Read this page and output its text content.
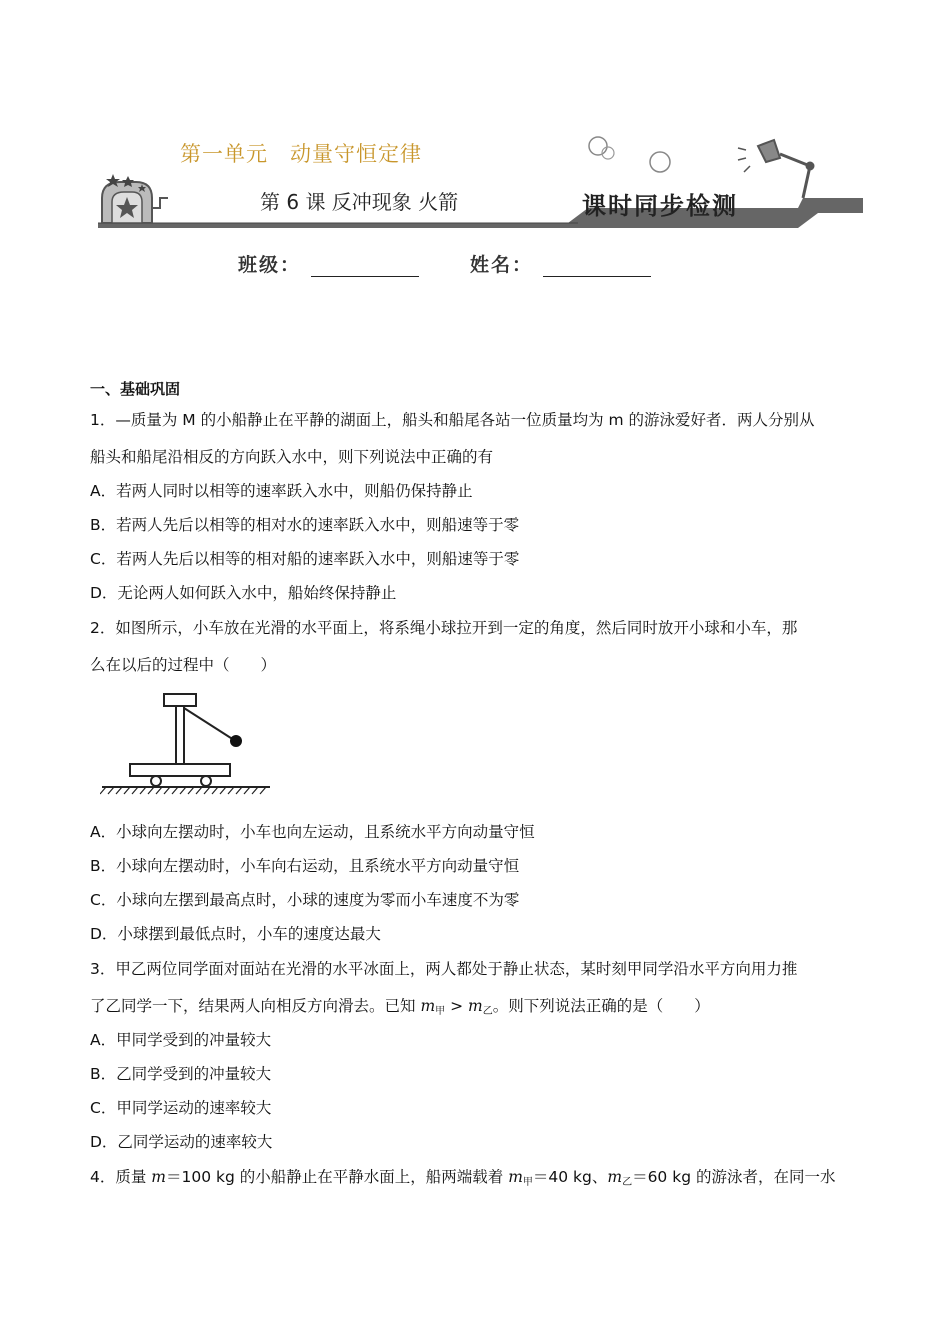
第一单元　动量守恒定律
第 6 课 反冲现象 火箭	课时同步检测
班级：	姓名：
一、基础巩固
1．—质量为 M 的小船静止在平静的湖面上，船头和船尾各站一位质量均为 m 的游泳爱好者．两人分别从
船头和船尾沿相反的方向跃入水中，则下列说法中正确的有
A．若两人同时以相等的速率跃入水中，则船仍保持静止
B．若两人先后以相等的相对水的速率跃入水中，则船速等于零
C．若两人先后以相等的相对船的速率跃入水中，则船速等于零
D．无论两人如何跃入水中，船始终保持静止
2．如图所示，小车放在光滑的水平面上，将系绳小球拉开到一定的角度，然后同时放开小球和小车，那
么在以后的过程中（　　）
A．小球向左摆动时，小车也向左运动，且系统水平方向动量守恒
B．小球向左摆动时，小车向右运动，且系统水平方向动量守恒
C．小球向左摆到最高点时，小球的速度为零而小车速度不为零
D．小球摆到最低点时，小车的速度达最大
3．甲乙两位同学面对面站在光滑的水平冰面上，两人都处于静止状态，某时刻甲同学沿水平方向用力推
了乙同学一下，结果两人向相反方向滑去。已知 $m_甲 > m_乙$。则下列说法正确的是（　　）
A．甲同学受到的冲量较大
B．乙同学受到的冲量较大
C．甲同学运动的速率较大
D．乙同学运动的速率较大
4．质量 m＝100 kg 的小船静止在平静水面上，船两端载着 $m_甲=40$ kg、$m_乙=60$ kg 的游泳者，在同一水
